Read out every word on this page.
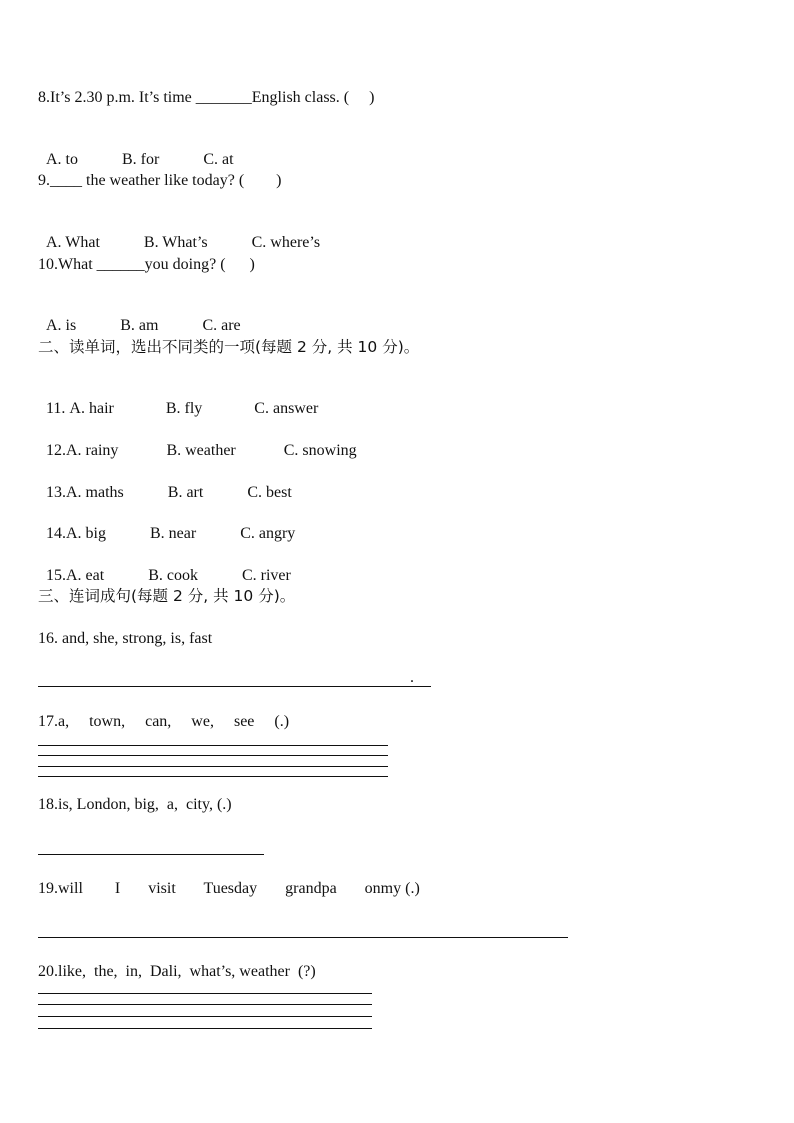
8.It’s 2.30 p.m. It’s time _______English class. (     )

A. to	B. for	C. at

9.____ the weather like today? (        )

A. What	B. What’s	C. where’s

10.What ______you doing? (      )

A. is	B. am	C. are

二、读单词，选出不同类的一项(每题 2 分, 共 10 分)。

11. A. hair	B. fly	C. answer

12.A. rainy	B. weather	C. snowing

13.A. maths	B. art	C. best

14.A. big	B. near	C. angry

15.A. eat	B. cook	C. river

三、连词成句(每题 2 分, 共 10 分)。
16. and, she, strong, is, fast
.
17.a,     town,     can,     we,     see     (.)
18.is, London, big,  a,  city, (.)
19.will        I       visit       Tuesday       grandpa       onmy (.)
20.like,  the,  in,  Dali,  what’s, weather  (?)
